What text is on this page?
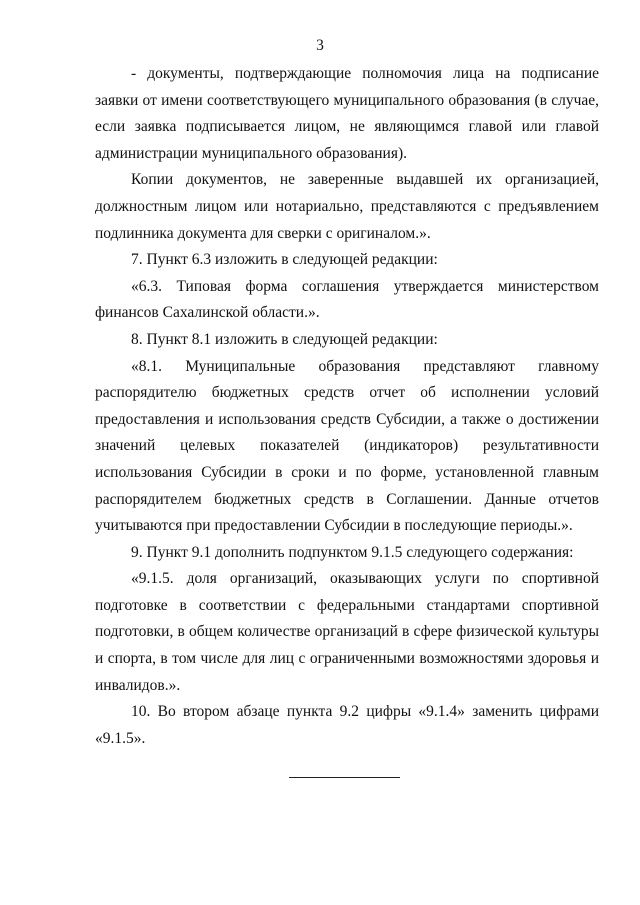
3

- документы, подтверждающие полномочия лица на подписание заявки от имени соответствующего муниципального образования (в случае, если заявка подписывается лицом, не являющимся главой или главой администрации муниципального образования).

Копии документов, не заверенные выдавшей их организацией, должностным лицом или нотариально, представляются с предъявлением подлинника документа для сверки с оригиналом.».

7. Пункт 6.3 изложить в следующей редакции:

«6.3. Типовая форма соглашения утверждается министерством финансов Сахалинской области.».

8. Пункт 8.1 изложить в следующей редакции:

«8.1. Муниципальные образования представляют главному распорядителю бюджетных средств отчет об исполнении условий предоставления и использования средств Субсидии, а также о достижении значений целевых показателей (индикаторов) результативности использования Субсидии в сроки и по форме, установленной главным распорядителем бюджетных средств в Соглашении. Данные отчетов учитываются при предоставлении Субсидии в последующие периоды.».

9. Пункт 9.1 дополнить подпунктом 9.1.5 следующего содержания:

«9.1.5. доля организаций, оказывающих услуги по спортивной подготовке в соответствии с федеральными стандартами спортивной подготовки, в общем количестве организаций в сфере физической культуры и спорта, в том числе для лиц с ограниченными возможностями здоровья и инвалидов.».

10. Во втором абзаце пункта 9.2 цифры «9.1.4» заменить цифрами «9.1.5».
